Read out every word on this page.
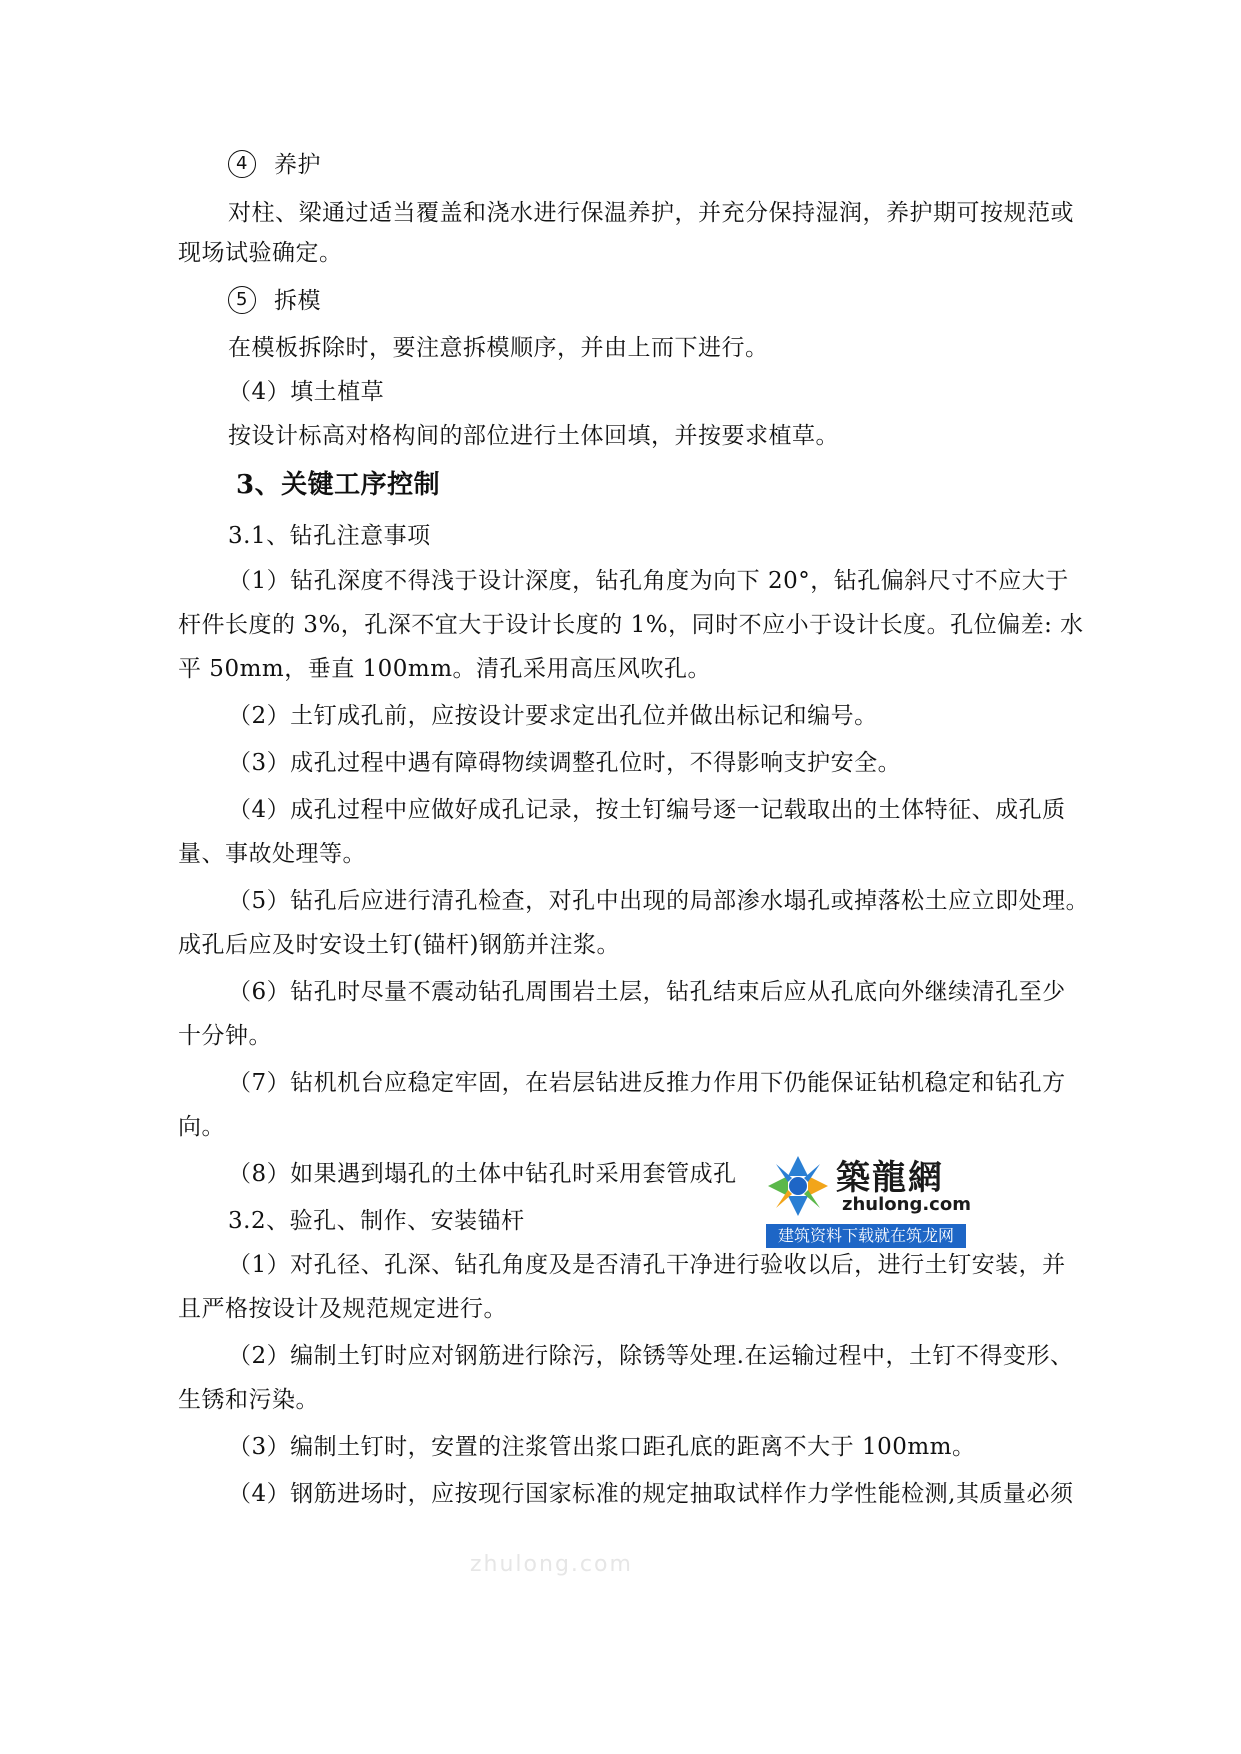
4 养护
对柱、梁通过适当覆盖和浇水进行保温养护，并充分保持湿润，养护期可按规范或
现场试验确定。
5 拆模
在模板拆除时，要注意拆模顺序，并由上而下进行。
（4）填土植草
按设计标高对格构间的部位进行土体回填，并按要求植草。
3、关键工序控制
3.1、钻孔注意事项
（1）钻孔深度不得浅于设计深度，钻孔角度为向下 20°，钻孔偏斜尺寸不应大于
杆件长度的 3%，孔深不宜大于设计长度的 1%，同时不应小于设计长度。孔位偏差: 水
平 50mm，垂直 100mm。清孔采用高压风吹孔。
（2）土钉成孔前，应按设计要求定出孔位并做出标记和编号。
（3）成孔过程中遇有障碍物续调整孔位时，不得影响支护安全。
（4）成孔过程中应做好成孔记录，按土钉编号逐一记载取出的土体特征、成孔质
量、事故处理等。
（5）钻孔后应进行清孔检查，对孔中出现的局部渗水塌孔或掉落松土应立即处理。
成孔后应及时安设土钉(锚杆)钢筋并注浆。
（6）钻孔时尽量不震动钻孔周围岩土层，钻孔结束后应从孔底向外继续清孔至少
十分钟。
（7）钻机机台应稳定牢固，在岩层钻进反推力作用下仍能保证钻机稳定和钻孔方
向。
（8）如果遇到塌孔的土体中钻孔时采用套管成孔
3.2、验孔、制作、安装锚杆
（1）对孔径、孔深、钻孔角度及是否清孔干净进行验收以后，进行土钉安装，并
且严格按设计及规范规定进行。
（2）编制土钉时应对钢筋进行除污，除锈等处理.在运输过程中，土钉不得变形、
生锈和污染。
（3）编制土钉时，安置的注浆管出浆口距孔底的距离不大于 100mm。
（4）钢筋进场时，应按现行国家标准的规定抽取试样作力学性能检测,其质量必须
築龍網
zhulong.com
建筑资料下载就在筑龙网
zhulong.com
